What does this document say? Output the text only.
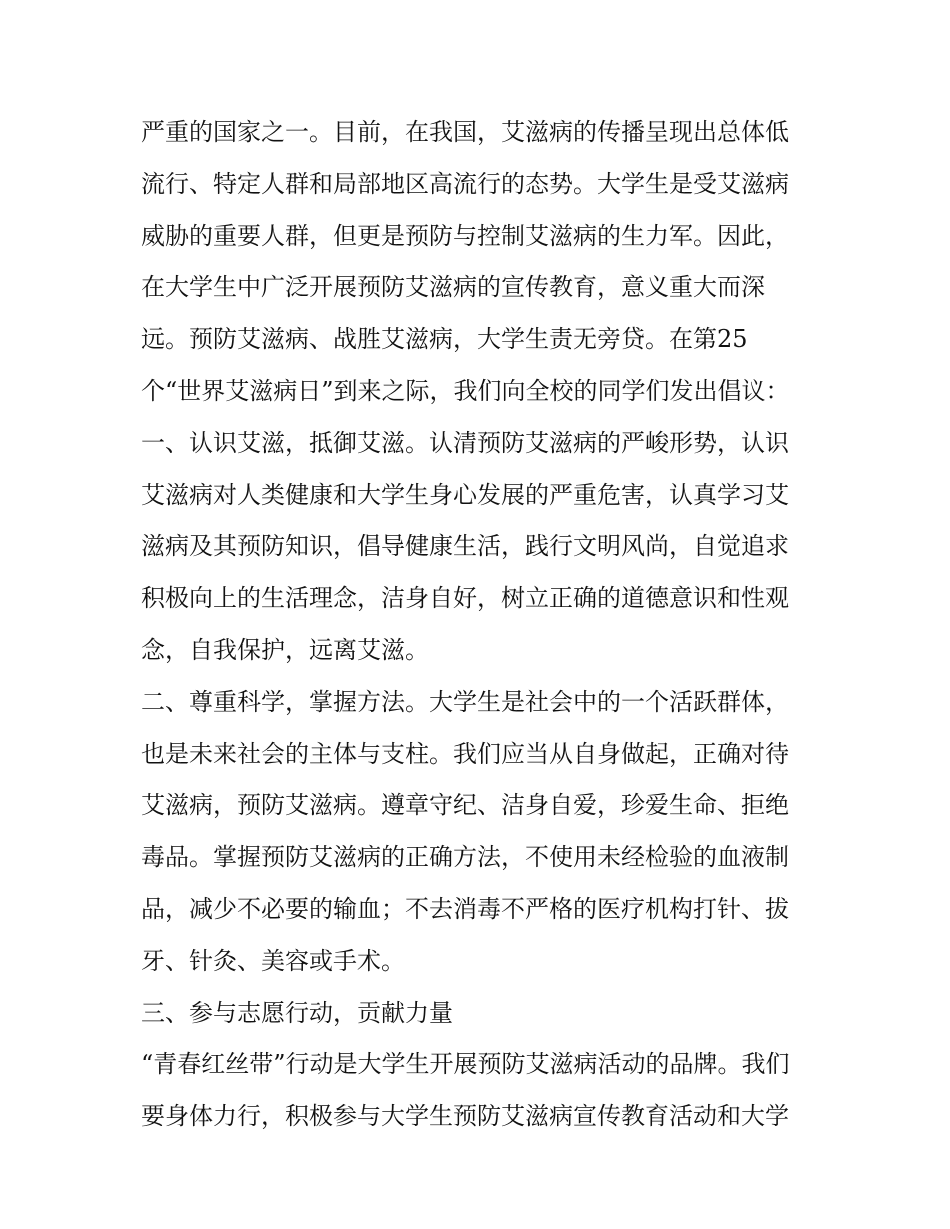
严重的国家之一。目前，在我国，艾滋病的传播呈现出总体低
流行、特定人群和局部地区高流行的态势。大学生是受艾滋病
威胁的重要人群，但更是预防与控制艾滋病的生力军。因此，
在大学生中广泛开展预防艾滋病的宣传教育，意义重大而深
远。预防艾滋病、战胜艾滋病，大学生责无旁贷。在第25
个“世界艾滋病日”到来之际，我们向全校的同学们发出倡议：
一、认识艾滋，抵御艾滋。认清预防艾滋病的严峻形势，认识
艾滋病对人类健康和大学生身心发展的严重危害，认真学习艾
滋病及其预防知识，倡导健康生活，践行文明风尚，自觉追求
积极向上的生活理念，洁身自好，树立正确的道德意识和性观
念，自我保护，远离艾滋。
二、尊重科学，掌握方法。大学生是社会中的一个活跃群体，
也是未来社会的主体与支柱。我们应当从自身做起，正确对待
艾滋病，预防艾滋病。遵章守纪、洁身自爱，珍爱生命、拒绝
毒品。掌握预防艾滋病的正确方法，不使用未经检验的血液制
品，减少不必要的输血；不去消毒不严格的医疗机构打针、拔
牙、针灸、美容或手术。
三、参与志愿行动，贡献力量
“青春红丝带”行动是大学生开展预防艾滋病活动的品牌。我们
要身体力行，积极参与大学生预防艾滋病宣传教育活动和大学
